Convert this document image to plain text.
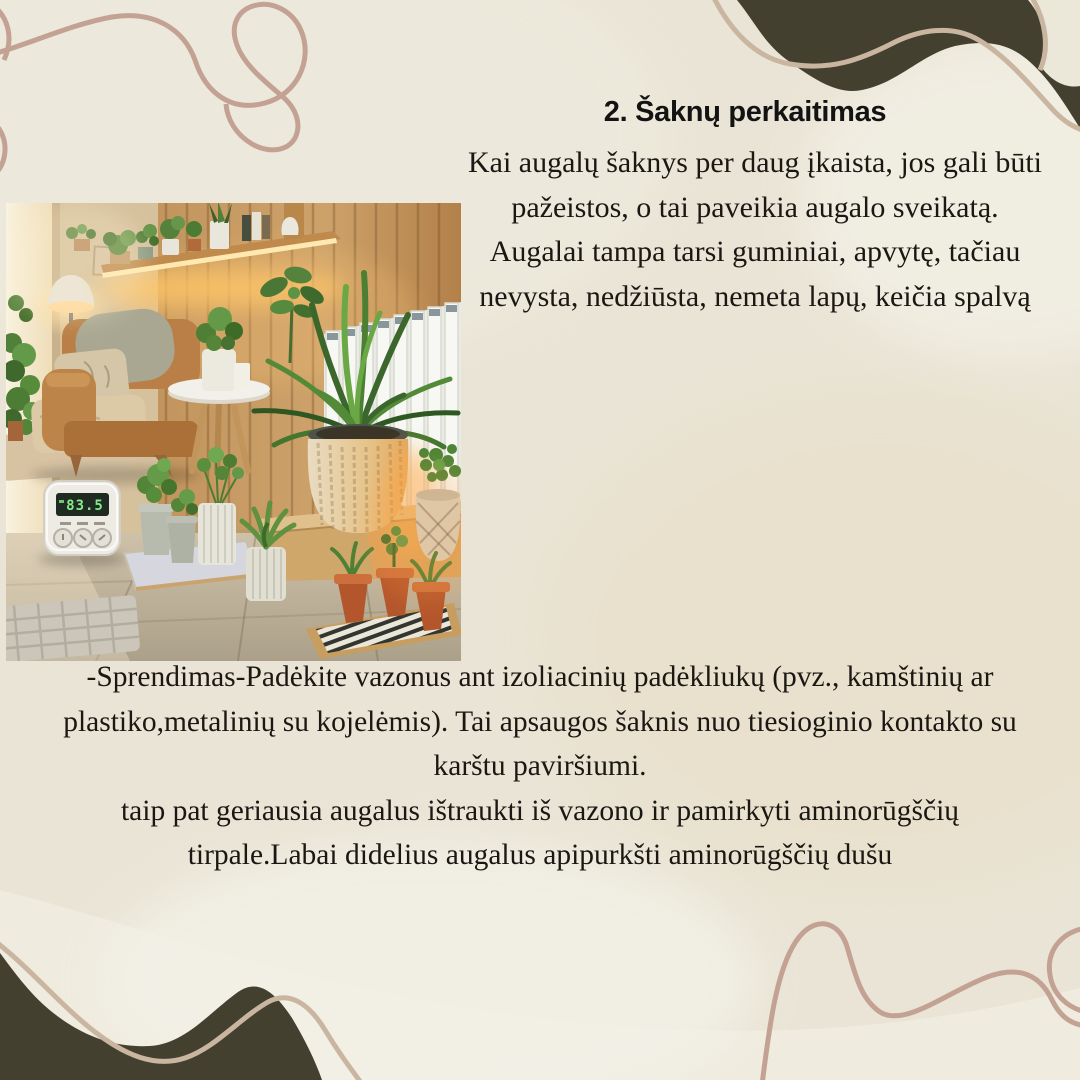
2. Šaknų perkaitimas
Kai augalų šaknys per daug įkaista, jos gali būti
pažeistos, o tai paveikia augalo sveikatą.
Augalai tampa tarsi guminiai, apvytę, tačiau
nevysta, nedžiūsta, nemeta lapų, keičia spalvą
83.5
-Sprendimas-Padėkite vazonus ant izoliacinių padėkliukų (pvz., kamštinių ar
plastiko,metalinių su kojelėmis). Tai apsaugos šaknis nuo tiesioginio kontakto su
karštu paviršiumi.
taip pat geriausia augalus ištraukti iš vazono ir pamirkyti aminorūgščių
tirpale.Labai didelius augalus apipurkšti aminorūgščių dušu
